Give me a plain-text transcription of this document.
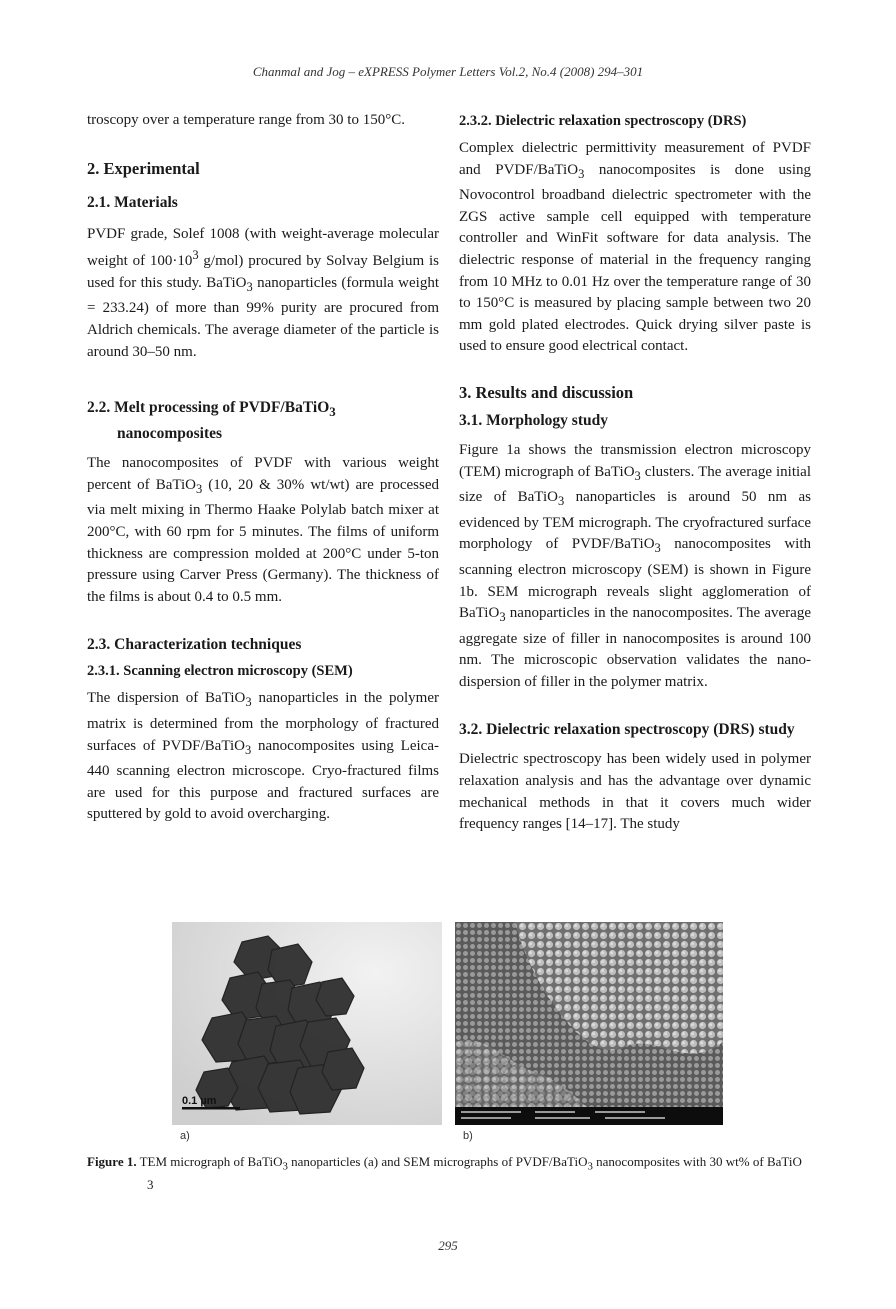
Chanmal and Jog – eXPRESS Polymer Letters Vol.2, No.4 (2008) 294–301

troscopy over a temperature range from 30 to 150°C.

2. Experimental
2.1. Materials

PVDF grade, Solef 1008 (with weight-average molecular weight of $100\cdot 10^3$ g/mol) procured by Solvay Belgium is used for this study. BaTiO$_3$ nanoparticles (formula weight = 233.24) of more than 99% purity are procured from Aldrich chemicals. The average diameter of the particle is around 30–50 nm.

2.2. Melt processing of PVDF/BaTiO$_3$ nanocomposites

The nanocomposites of PVDF with various weight percent of BaTiO$_3$ (10, 20 & 30% wt/wt) are processed via melt mixing in Thermo Haake Polylab batch mixer at 200°C, with 60 rpm for 5 minutes. The films of uniform thickness are compression molded at 200°C under 5-ton pressure using Carver Press (Germany). The thickness of the films is about 0.4 to 0.5 mm.

2.3. Characterization techniques
2.3.1. Scanning electron microscopy (SEM)

The dispersion of BaTiO$_3$ nanoparticles in the polymer matrix is determined from the morphology of fractured surfaces of PVDF/BaTiO$_3$ nanocomposites using Leica-440 scanning electron microscope. Cryo-fractured films are used for this purpose and fractured surfaces are sputtered by gold to avoid overcharging.

2.3.2. Dielectric relaxation spectroscopy (DRS)

Complex dielectric permittivity measurement of PVDF and PVDF/BaTiO$_3$ nanocomposites is done using Novocontrol broadband dielectric spectrometer with the ZGS active sample cell equipped with temperature controller and WinFit software for data analysis. The dielectric response of material in the frequency ranging from 10 MHz to 0.01 Hz over the temperature range of 30 to 150°C is measured by placing sample between two 20 mm gold plated electrodes. Quick drying silver paste is used to ensure good electrical contact.

3. Results and discussion
3.1. Morphology study

Figure 1a shows the transmission electron microscopy (TEM) micrograph of BaTiO$_3$ clusters. The average initial size of BaTiO$_3$ nanoparticles is around 50 nm as evidenced by TEM micrograph. The cryofractured surface morphology of PVDF/BaTiO$_3$ nanocomposites with scanning electron microscopy (SEM) is shown in Figure 1b. SEM micrograph reveals slight agglomeration of BaTiO$_3$ nanoparticles in the nanocomposites. The average aggregate size of filler in nanocomposites is around 100 nm. The microscopic observation validates the nano-dispersion of filler in the polymer matrix.

3.2. Dielectric relaxation spectroscopy (DRS) study

Dielectric spectroscopy has been widely used in polymer relaxation analysis and has the advantage over dynamic mechanical methods in that it covers much wider frequency ranges [14–17]. The study

0.1 µm
a)	b)
Figure 1. TEM micrograph of BaTiO$_3$ nanoparticles (a) and SEM micrographs of PVDF/BaTiO$_3$ nanocomposites with 30 wt% of BaTiO
3
295
